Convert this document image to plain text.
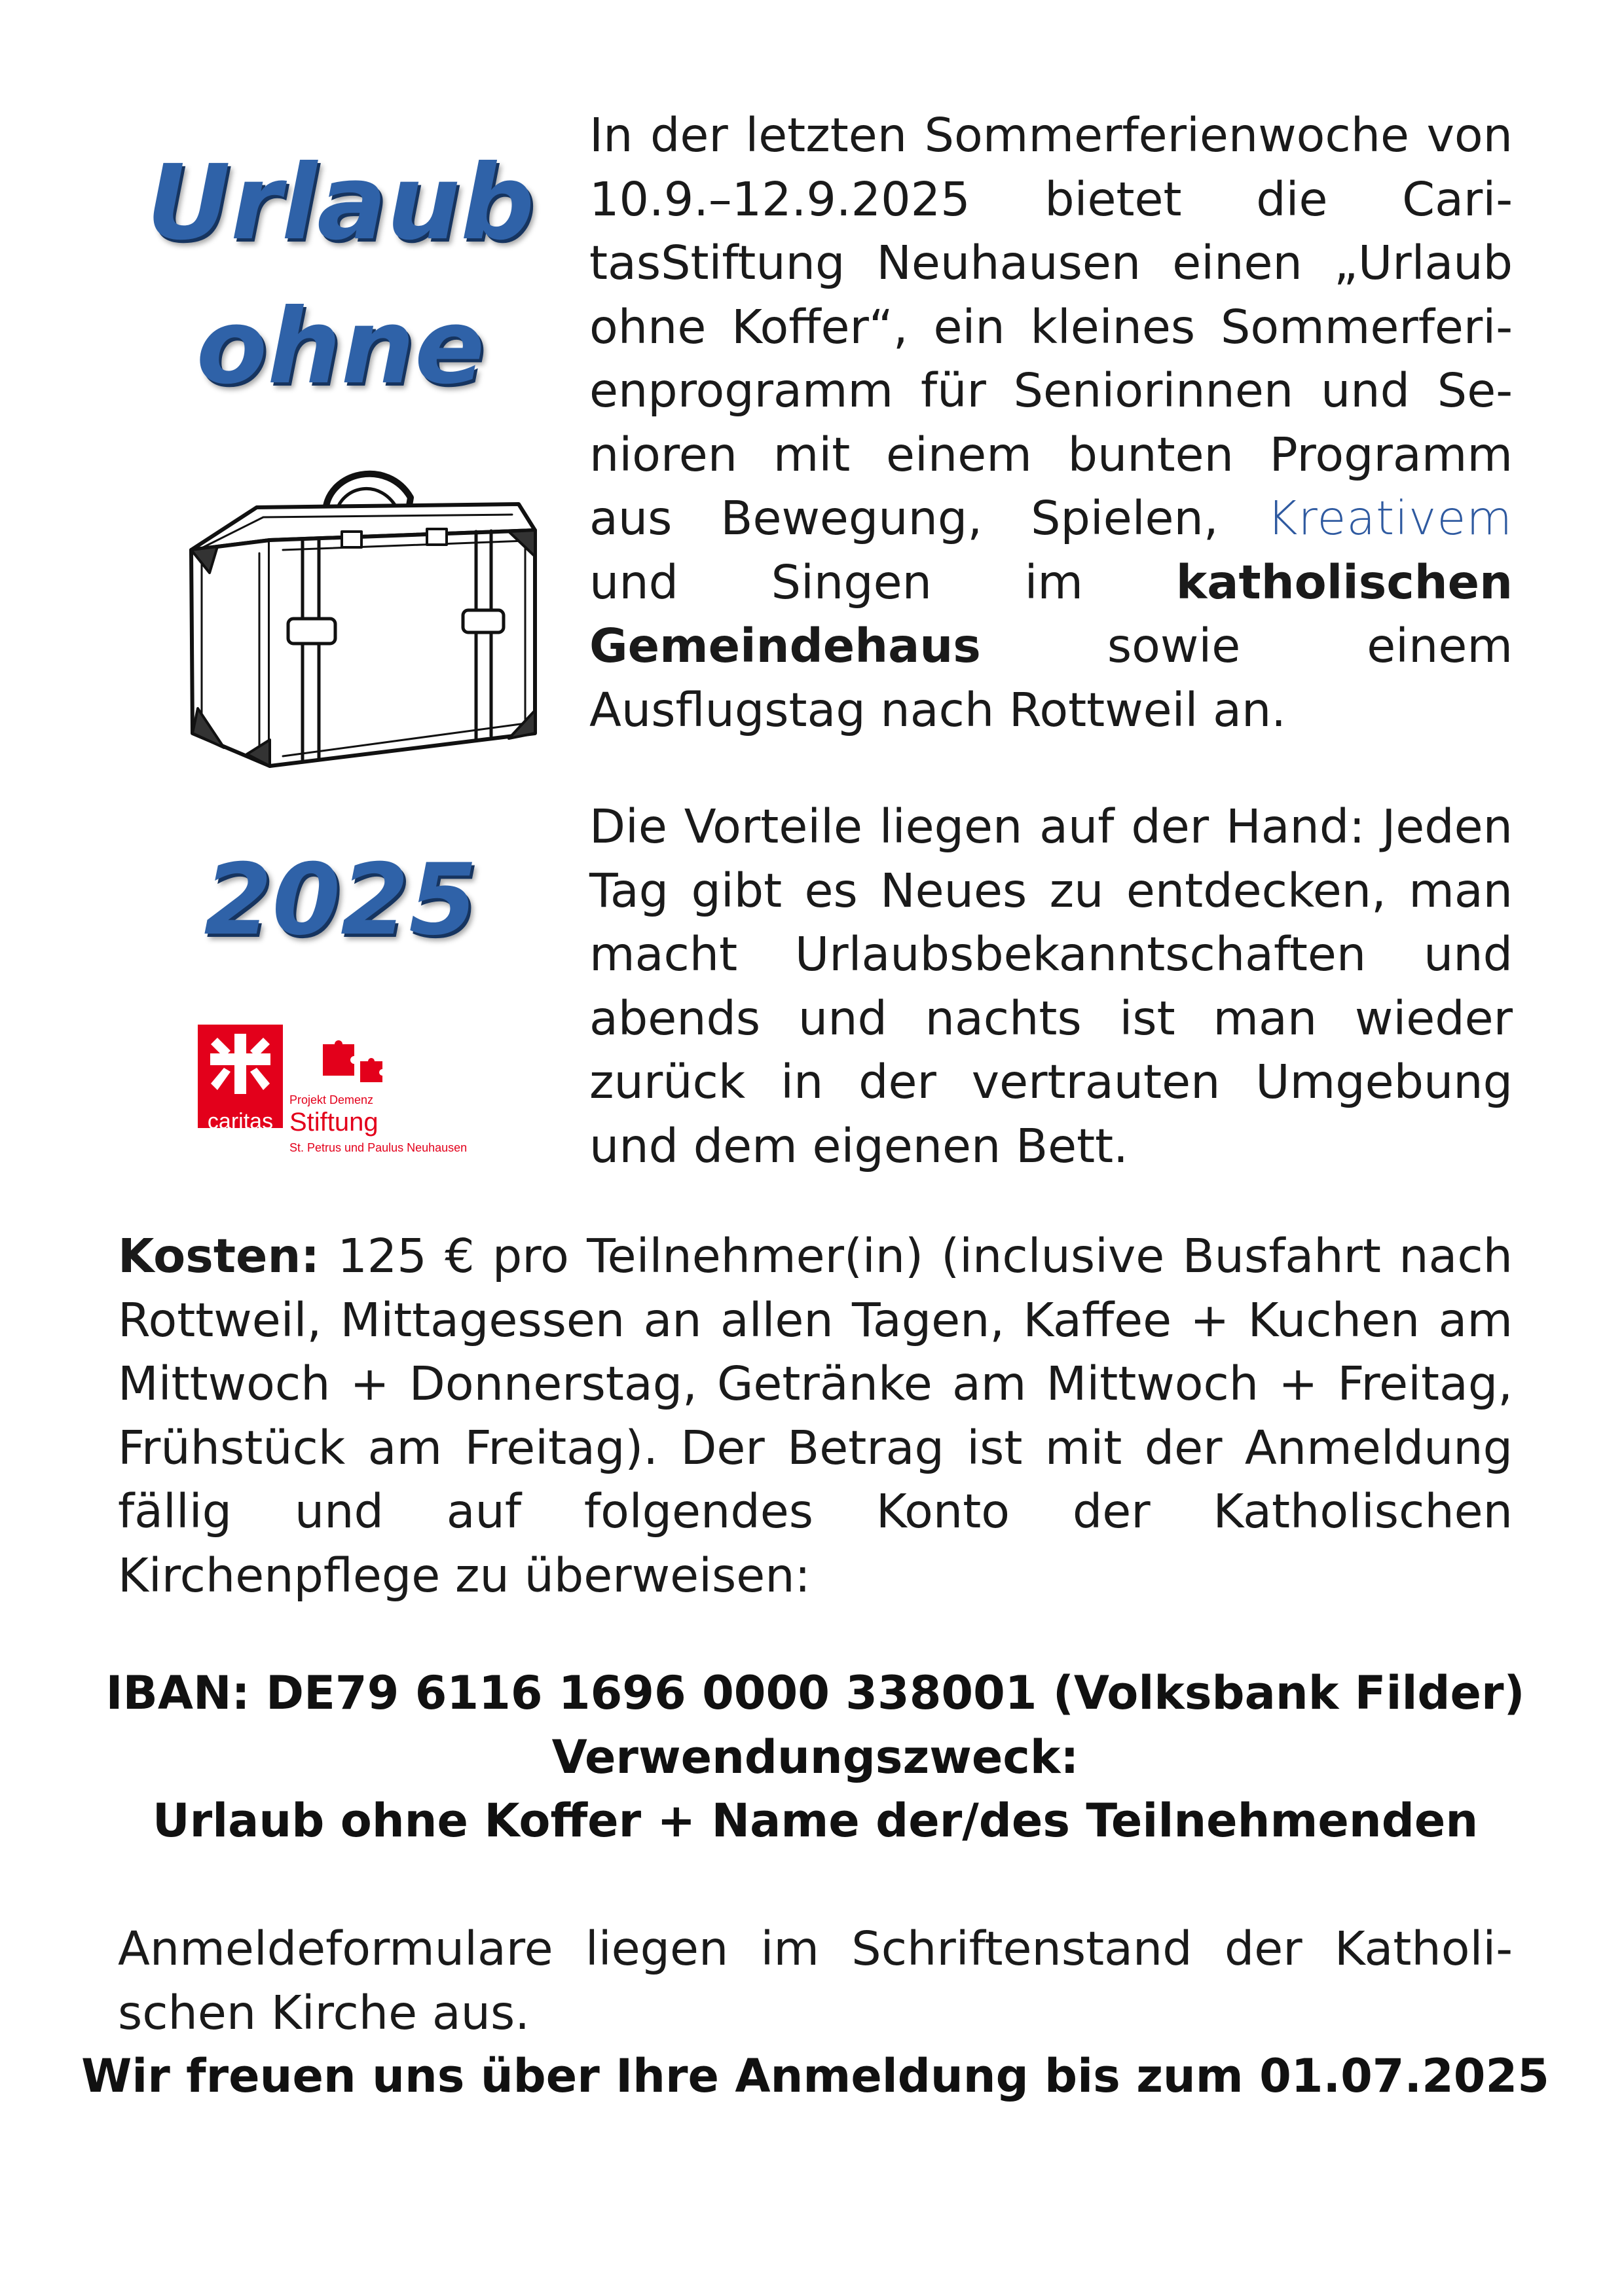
Urlaub
ohne
2025
caritas
Projekt Demenz
Stiftung
St. Petrus und Paulus Neuhausen

In der letzten Sommerferienwoche von 10.9.–12.9.2025 bietet die CaritasStiftung Neuhausen einen „Urlaub ohne Koffer“, ein kleines Sommerferienprogramm für Seniorinnen und Senioren mit einem bunten Programm aus Bewegung, Spielen, Kreativem und Singen im katholischen Gemeindehaus	sowie einem Ausflugstag nach Rottweil an.

Die Vorteile liegen auf der Hand: Jeden Tag gibt es Neues zu entdecken, man macht Urlaubsbekanntschaften und abends und nachts ist man wieder zurück in der vertrauten Umgebung und dem eigenen Bett.

Kosten: 125 € pro Teilnehmer(in) (inclusive Busfahrt nach Rottweil, Mittagessen an allen Tagen, Kaffee + Kuchen am Mittwoch + Donnerstag, Getränke am Mittwoch + Freitag, Frühstück am Freitag). Der Betrag ist mit der Anmeldung fällig und auf folgendes Konto der Katholischen Kirchenpflege zu überweisen:

IBAN: DE79 6116 1696 0000 338001 (Volksbank Filder)
Verwendungszweck:
Urlaub ohne Koffer + Name der/des Teilnehmenden

Anmeldeformulare liegen im Schriftenstand der Katholischen Kirche aus.

Wir freuen uns über Ihre Anmeldung bis zum 01.07.2025
